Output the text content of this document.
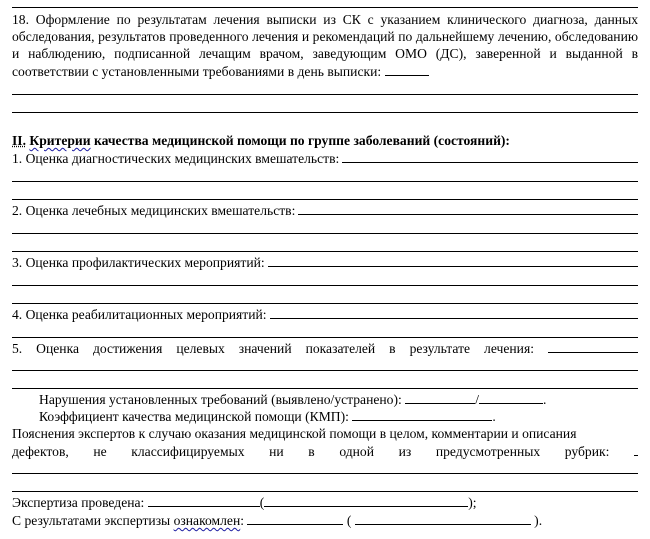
18. Оформление по результатам лечения выписки из СК с указанием клинического диагноза, данных обследования, результатов проведенного лечения и рекомендаций по дальнейшему лечению, обследованию и наблюдению, подписанной лечащим врачом, заведующим ОМО (ДС), заверенной и выданной в соответствии с установленными требованиями в день выписки:
II. Критерии качества медицинской помощи по группе заболеваний (состояний):
1. Оценка диагностических медицинских вмешательств:
2. Оценка лечебных медицинских вмешательств:
3. Оценка профилактических мероприятий:
4. Оценка реабилитационных мероприятий:
5. Оценка достижения целевых значений показателей в результате лечения:
Нарушения установленных требований (выявлено/устранено):	/	.
Коэффициент качества медицинской помощи (КМП):	.
Пояснения экспертов к случаю оказания медицинской помощи в целом, комментарии и описания
дефектов, не классифицируемых ни в одной из предусмотренных рубрик:
Экспертиза проведена:	(	);
С результатами экспертизы ознакомлен:	(	).
